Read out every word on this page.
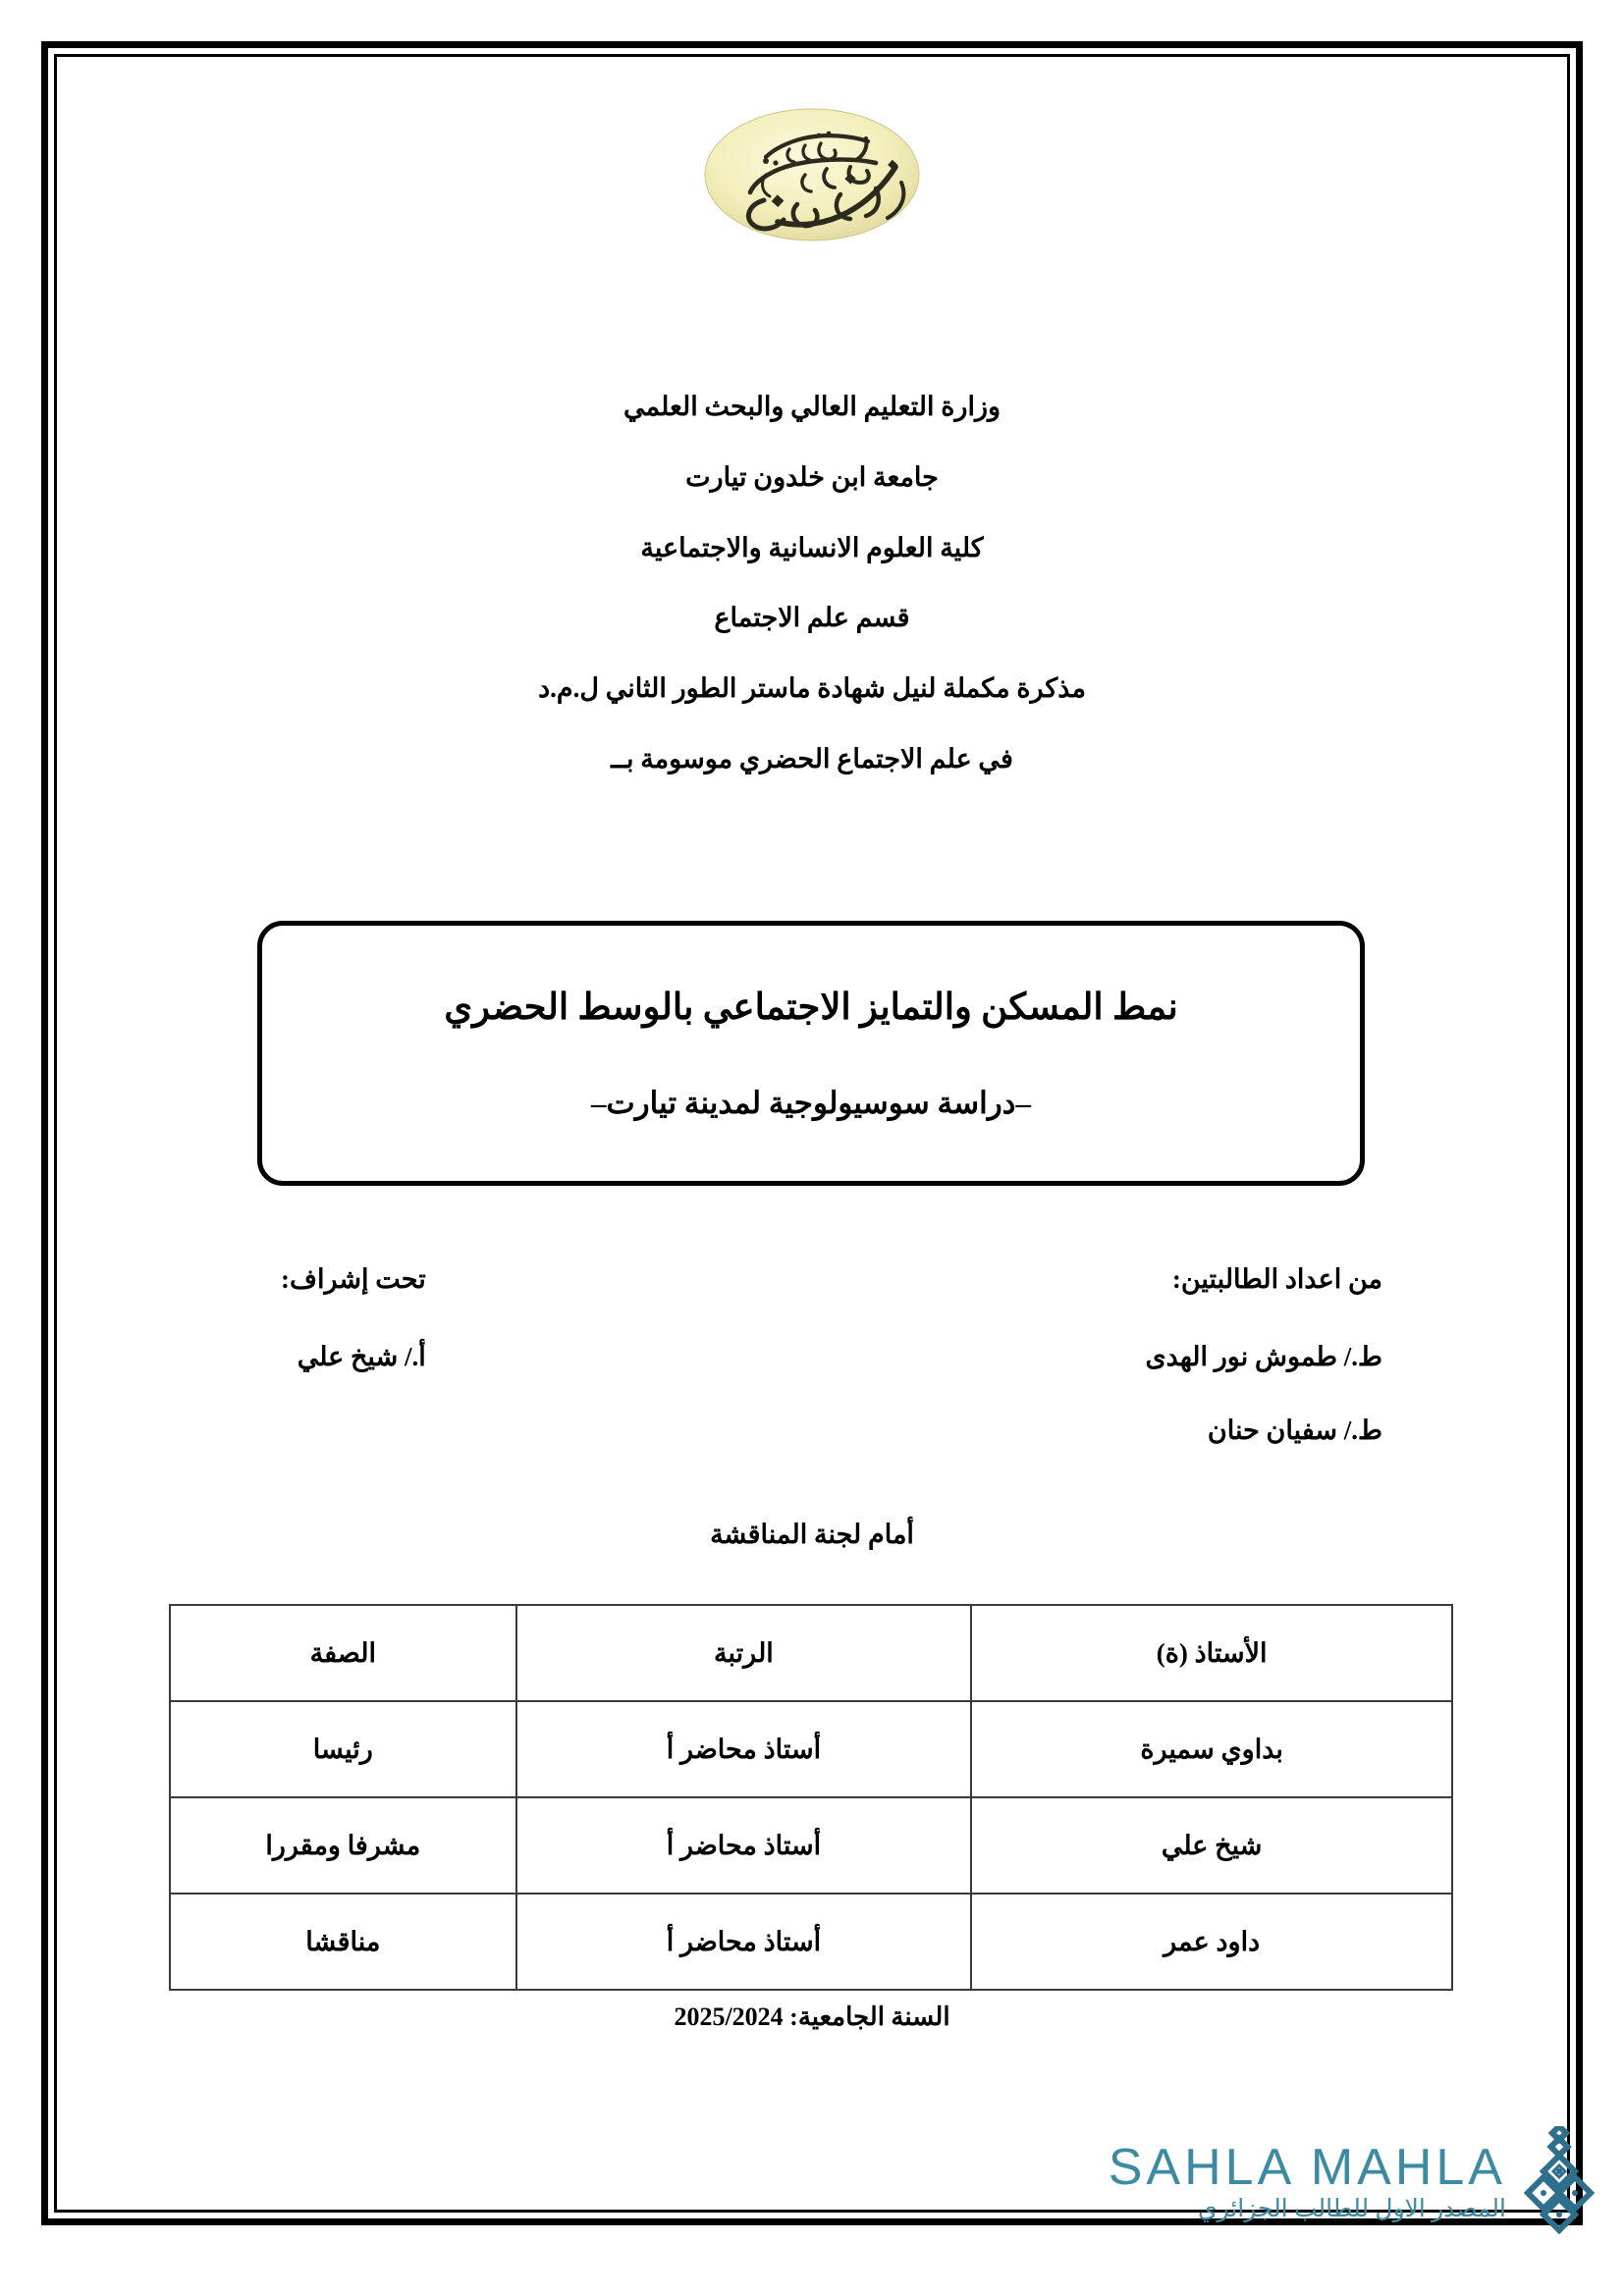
وزارة التعليم العالي والبحث العلمي

جامعة ابن خلدون تيارت

كلية العلوم الانسانية والاجتماعية

قسم علم الاجتماع

مذكرة مكملة لنيل شهادة ماستر الطور الثاني ل.م.د

في علم الاجتماع الحضري موسومة بــ

نمط المسكن والتمايز الاجتماعي بالوسط الحضري
–دراسة سوسيولوجية لمدينة تيارت–

من اعداد الطالبتين:

ط./ طموش نور الهدى

ط./ سفيان حنان

تحت إشراف:

أ./ شيخ علي

أمام لجنة المناقشة
الأستاذ (ة)	الرتبة	الصفة
بداوي سميرة	أستاذ محاضر أ	رئيسا
شيخ علي	أستاذ محاضر أ	مشرفا ومقررا
داود عمر	أستاذ محاضر أ	مناقشا
السنة الجامعية: 2025/2024
SAHLA MAHLA
المصدر الاول للطالب الجزائري
